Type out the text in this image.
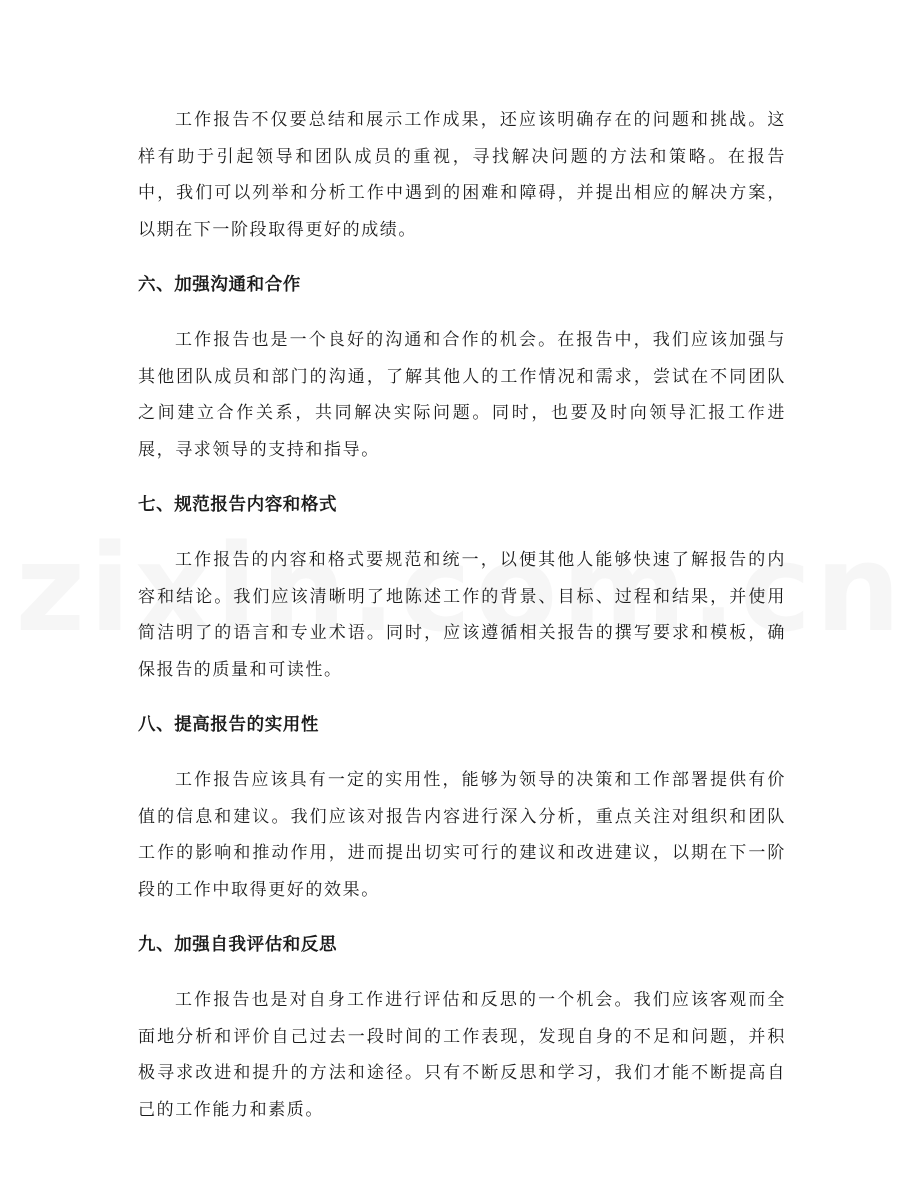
工作报告不仅要总结和展示工作成果，还应该明确存在的问题和挑战。这样有助于引起领导和团队成员的重视，寻找解决问题的方法和策略。在报告中，我们可以列举和分析工作中遇到的困难和障碍，并提出相应的解决方案，以期在下一阶段取得更好的成绩。

六、加强沟通和合作

工作报告也是一个良好的沟通和合作的机会。在报告中，我们应该加强与其他团队成员和部门的沟通，了解其他人的工作情况和需求，尝试在不同团队之间建立合作关系，共同解决实际问题。同时，也要及时向领导汇报工作进展，寻求领导的支持和指导。

七、规范报告内容和格式

工作报告的内容和格式要规范和统一，以便其他人能够快速了解报告的内容和结论。我们应该清晰明了地陈述工作的背景、目标、过程和结果，并使用简洁明了的语言和专业术语。同时，应该遵循相关报告的撰写要求和模板，确保报告的质量和可读性。

八、提高报告的实用性

工作报告应该具有一定的实用性，能够为领导的决策和工作部署提供有价值的信息和建议。我们应该对报告内容进行深入分析，重点关注对组织和团队工作的影响和推动作用，进而提出切实可行的建议和改进建议，以期在下一阶段的工作中取得更好的效果。

九、加强自我评估和反思

工作报告也是对自身工作进行评估和反思的一个机会。我们应该客观而全面地分析和评价自己过去一段时间的工作表现，发现自身的不足和问题，并积极寻求改进和提升的方法和途径。只有不断反思和学习，我们才能不断提高自己的工作能力和素质。
